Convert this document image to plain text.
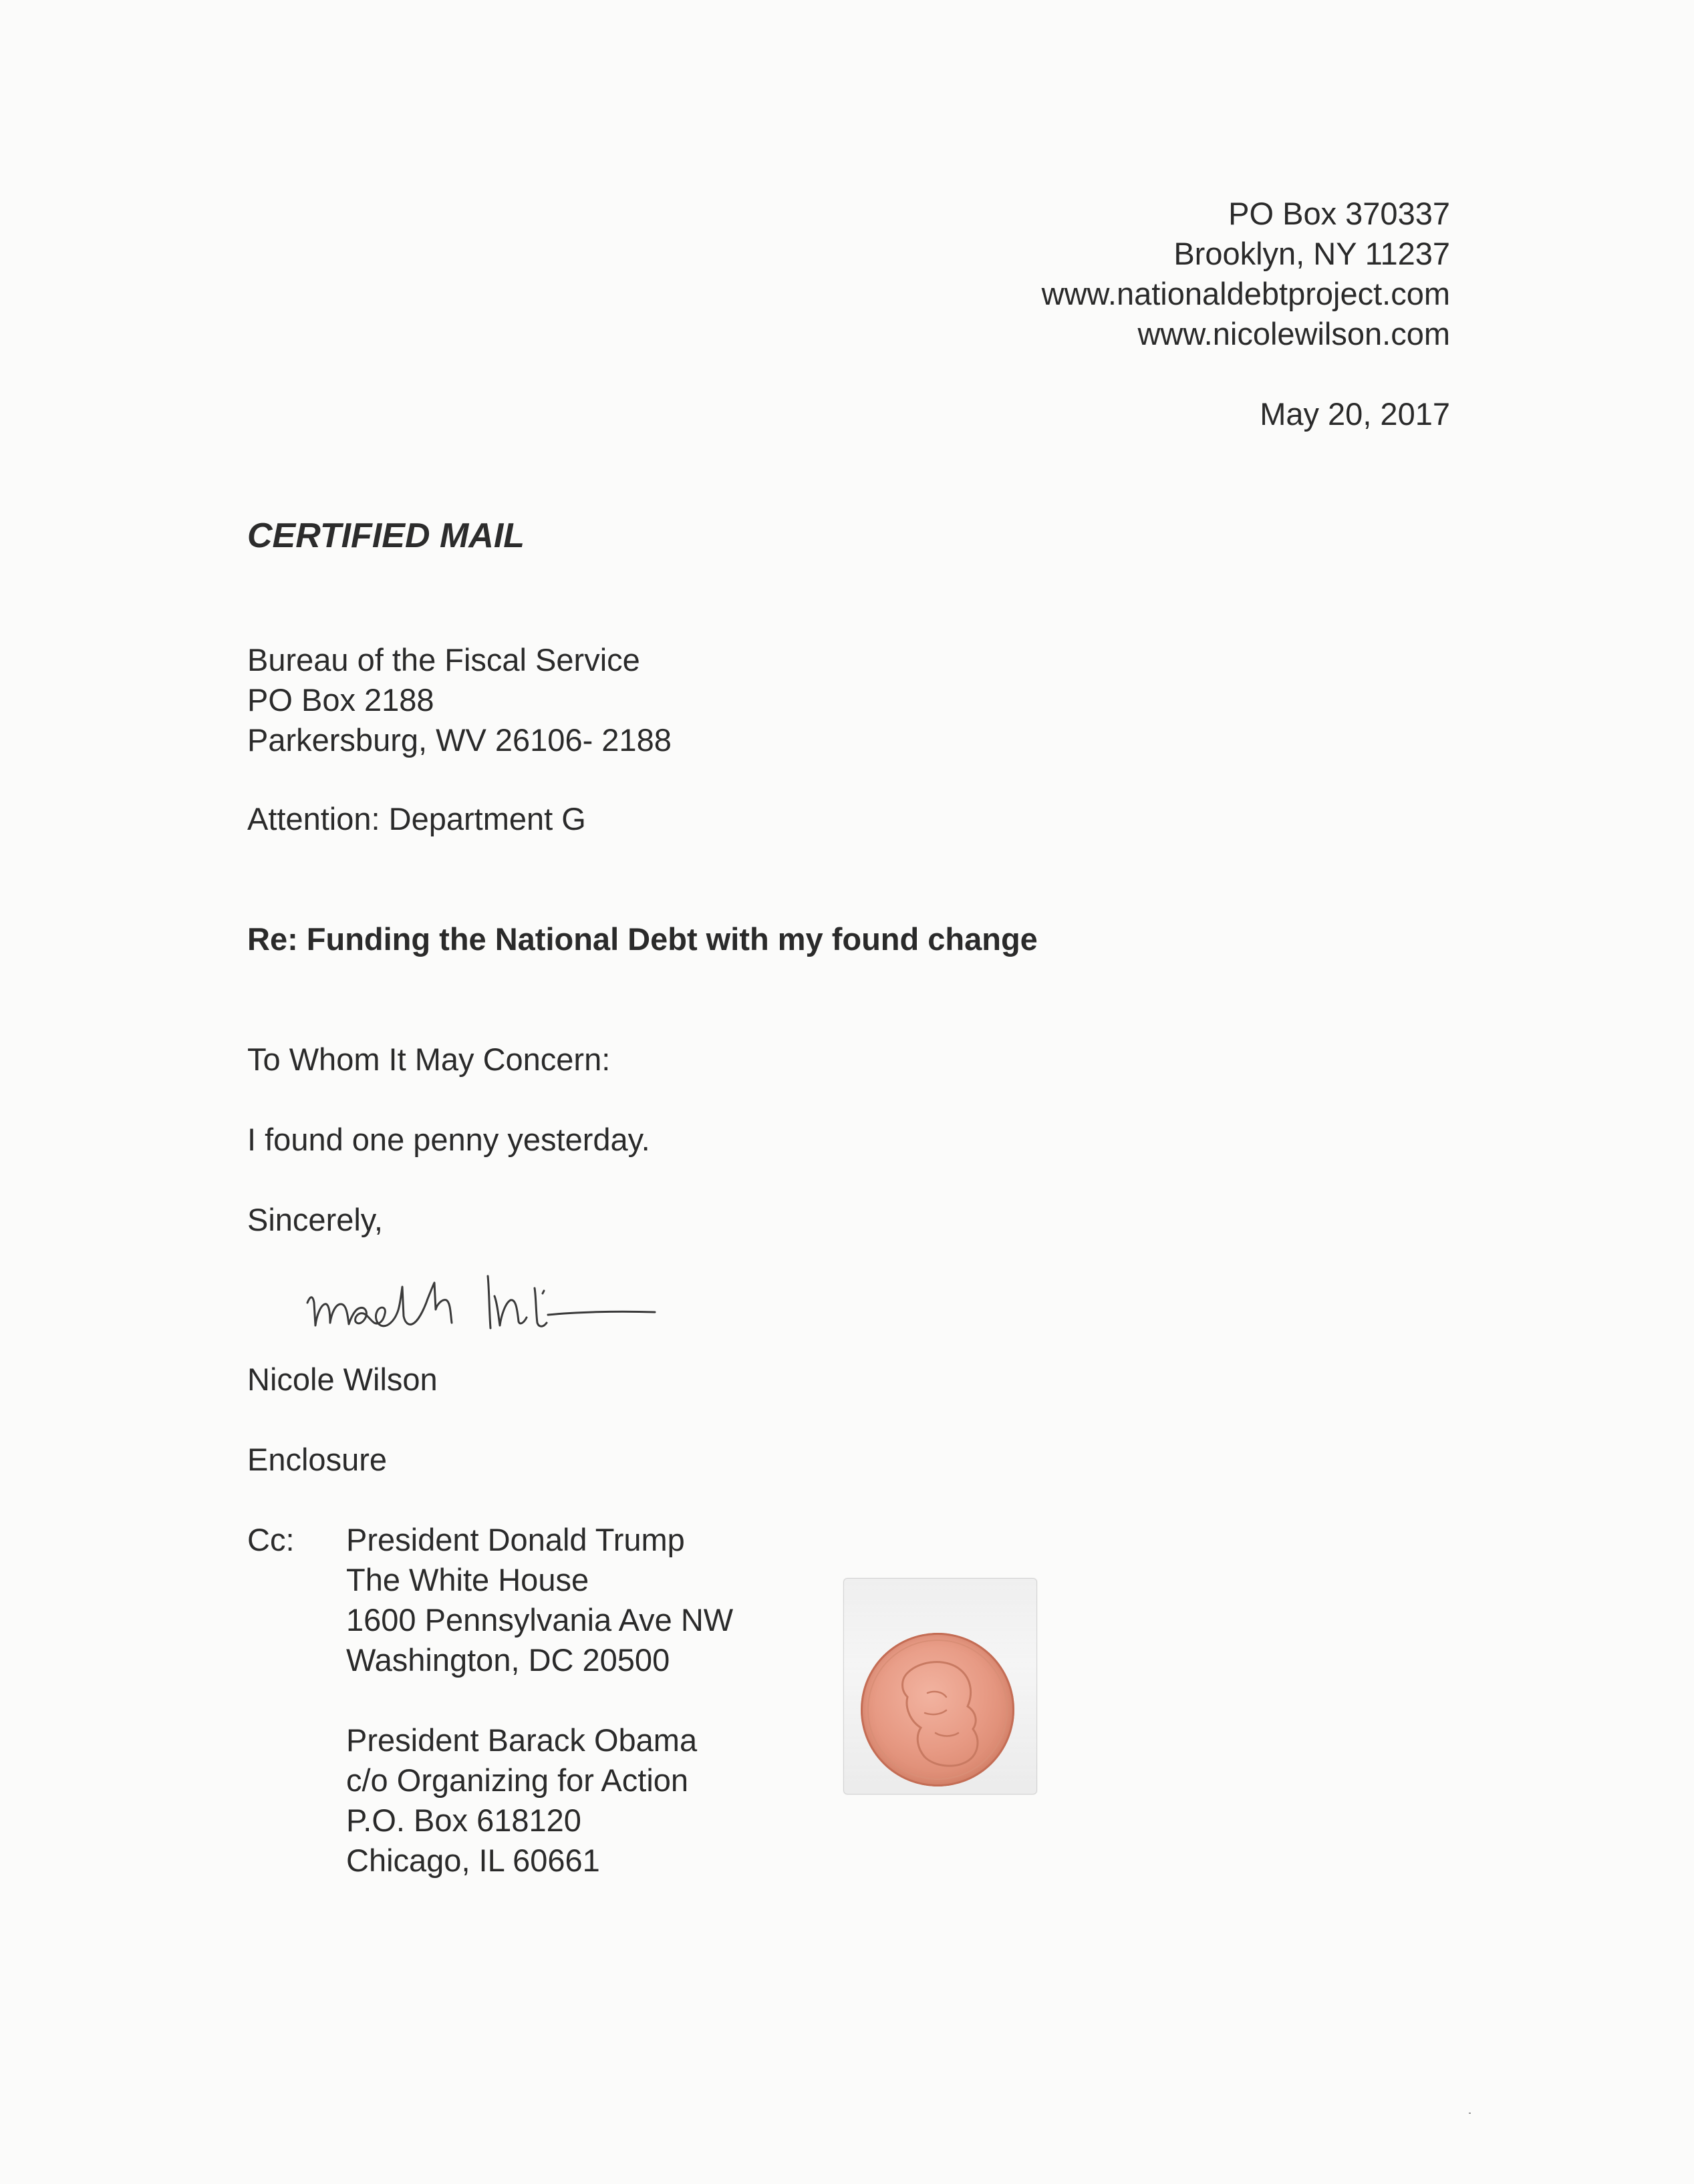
PO Box 370337
Brooklyn, NY 11237
www.nationaldebtproject.com
www.nicolewilson.com
May 20, 2017
CERTIFIED MAIL
Bureau of the Fiscal Service
PO Box 2188
Parkersburg, WV 26106- 2188
Attention: Department G
Re: Funding the National Debt with my found change
To Whom It May Concern:
I found one penny yesterday.
Sincerely,
Nicole Wilson
Enclosure
Cc: President Donald Trump
The White House
1600 Pennsylvania Ave NW
Washington, DC 20500
President Barack Obama
c/o Organizing for Action
P.O. Box 618120
Chicago, IL 60661
